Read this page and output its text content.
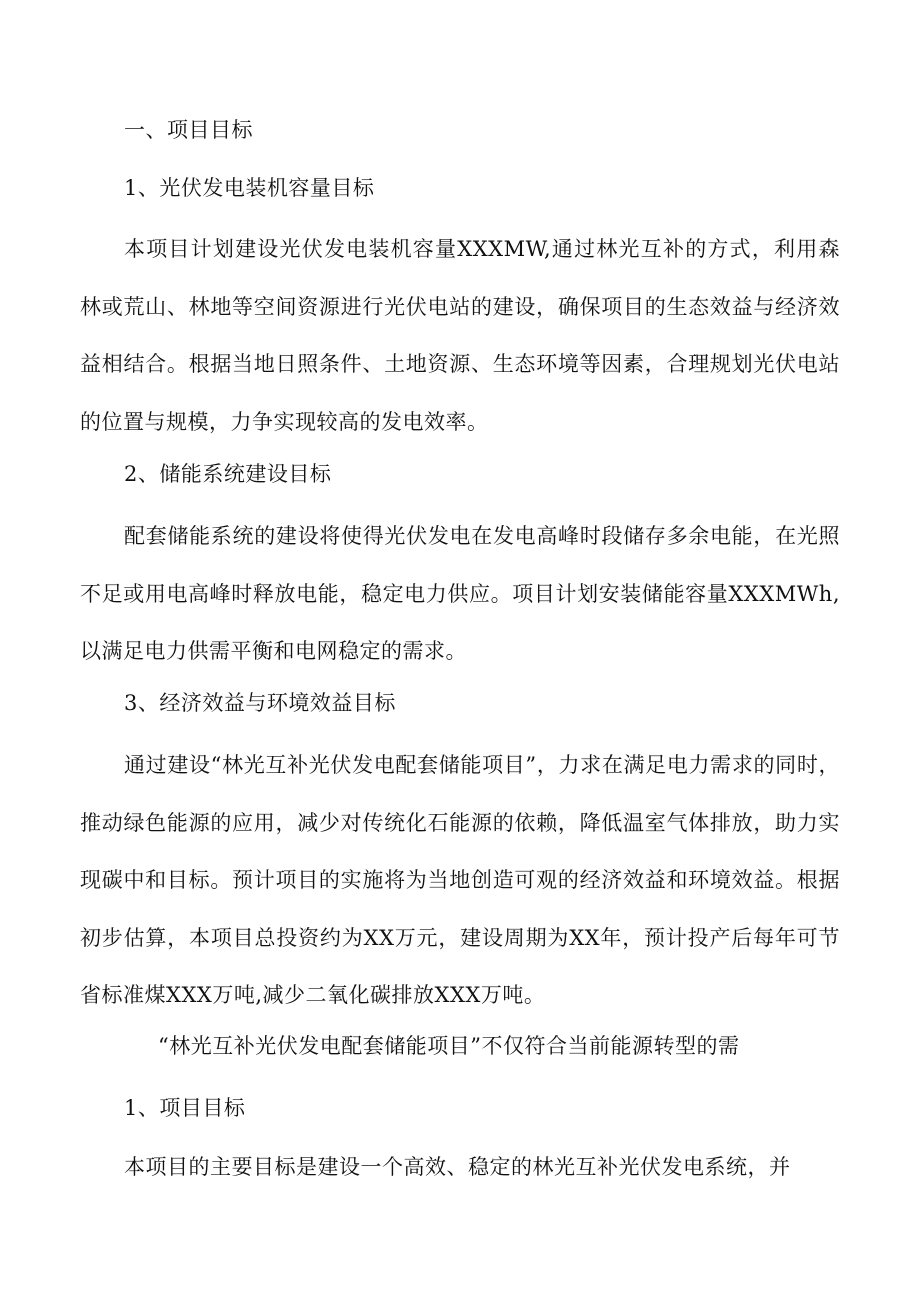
一、项目目标
1、光伏发电装机容量目标
本项目计划建设光伏发电装机容量XXXMW,通过林光互补的方式，利用森林或荒山、林地等空间资源进行光伏电站的建设，确保项目的生态效益与经济效益相结合。根据当地日照条件、土地资源、生态环境等因素，合理规划光伏电站的位置与规模，力争实现较高的发电效率。
2、储能系统建设目标
配套储能系统的建设将使得光伏发电在发电高峰时段储存多余电能，在光照不足或用电高峰时释放电能，稳定电力供应。项目计划安装储能容量XXXMWh,以满足电力供需平衡和电网稳定的需求。
3、经济效益与环境效益目标
通过建设“林光互补光伏发电配套储能项目”，力求在满足电力需求的同时，推动绿色能源的应用，减少对传统化石能源的依赖，降低温室气体排放，助力实现碳中和目标。预计项目的实施将为当地创造可观的经济效益和环境效益。根据初步估算，本项目总投资约为XX万元，建设周期为XX年，预计投产后每年可节省标准煤XXX万吨,减少二氧化碳排放XXX万吨。
“林光互补光伏发电配套储能项目”不仅符合当前能源转型的需
1、项目目标
本项目的主要目标是建设一个高效、稳定的林光互补光伏发电系统，并
